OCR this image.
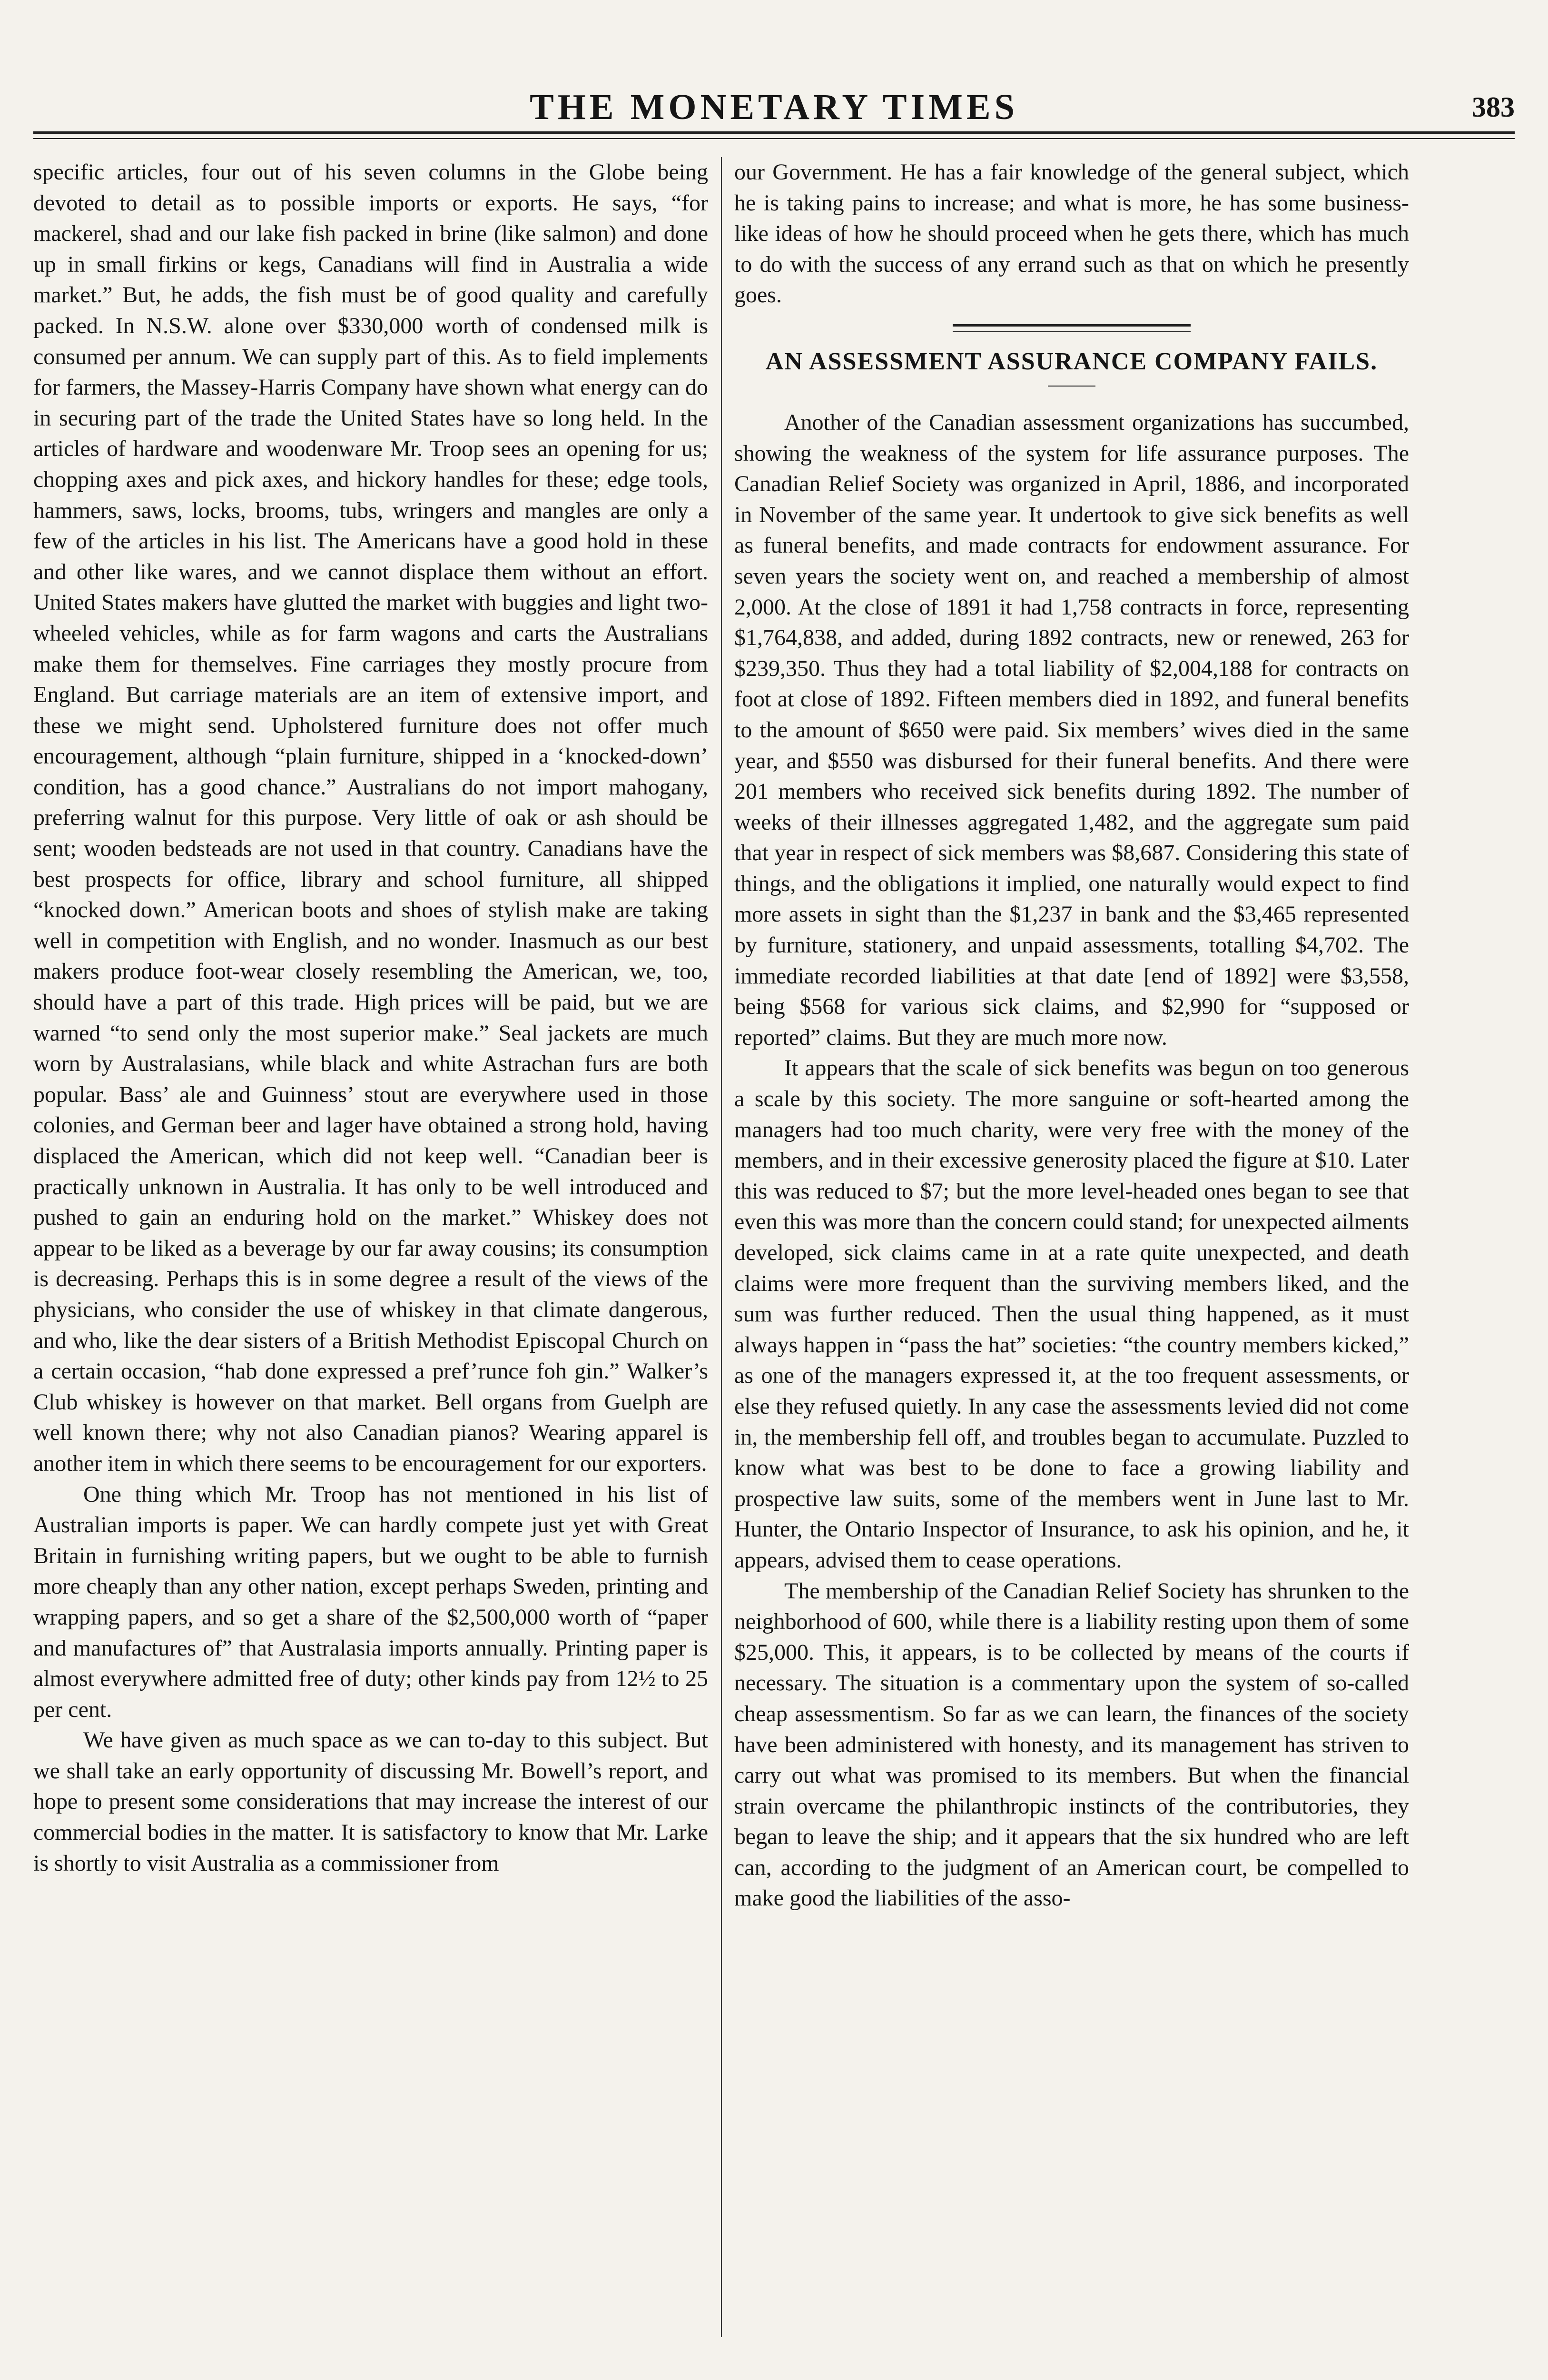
THE MONETARY TIMES	383

specific articles, four out of his seven columns in the Globe being devoted to detail as to possible imports or exports. He says, “for mackerel, shad and our lake fish packed in brine (like salmon) and done up in small firkins or kegs, Canadians will find in Australia a wide market.” But, he adds, the fish must be of good quality and carefully packed. In N.S.W. alone over $330,000 worth of condensed milk is consumed per annum. We can supply part of this. As to field implements for farmers, the Massey-Harris Company have shown what energy can do in securing part of the trade the United States have so long held. In the articles of hardware and woodenware Mr. Troop sees an opening for us; chopping axes and pick axes, and hickory handles for these; edge tools, hammers, saws, locks, brooms, tubs, wringers and mangles are only a few of the articles in his list. The Americans have a good hold in these and other like wares, and we cannot displace them without an effort. United States makers have glutted the market with buggies and light two-wheeled vehicles, while as for farm wagons and carts the Australians make them for themselves. Fine carriages they mostly procure from England. But carriage materials are an item of extensive import, and these we might send. Upholstered furniture does not offer much encouragement, although “plain furniture, shipped in a ‘knocked-down’ condition, has a good chance.” Australians do not import mahogany, preferring walnut for this purpose. Very little of oak or ash should be sent; wooden bedsteads are not used in that country. Canadians have the best prospects for office, library and school furniture, all shipped “knocked down.” American boots and shoes of stylish make are taking well in competition with English, and no wonder. Inasmuch as our best makers produce foot-wear closely resembling the American, we, too, should have a part of this trade. High prices will be paid, but we are warned “to send only the most superior make.” Seal jackets are much worn by Australasians, while black and white Astrachan furs are both popular. Bass’ ale and Guinness’ stout are everywhere used in those colonies, and German beer and lager have obtained a strong hold, having displaced the American, which did not keep well. “Canadian beer is practically unknown in Australia. It has only to be well introduced and pushed to gain an enduring hold on the market.” Whiskey does not appear to be liked as a beverage by our far away cousins; its consumption is decreasing. Perhaps this is in some degree a result of the views of the physicians, who consider the use of whiskey in that climate dangerous, and who, like the dear sisters of a British Methodist Episcopal Church on a certain occasion, “hab done expressed a pref’runce foh gin.” Walker’s Club whiskey is however on that market. Bell organs from Guelph are well known there; why not also Canadian pianos? Wearing apparel is another item in which there seems to be encouragement for our exporters.

One thing which Mr. Troop has not mentioned in his list of Australian imports is paper. We can hardly compete just yet with Great Britain in furnishing writing papers, but we ought to be able to furnish more cheaply than any other nation, except perhaps Sweden, printing and wrapping papers, and so get a share of the $2,500,000 worth of “paper and manufactures of” that Australasia imports annually. Printing paper is almost everywhere admitted free of duty; other kinds pay from 12½ to 25 per cent.

We have given as much space as we can to-day to this subject. But we shall take an early opportunity of discussing Mr. Bowell’s report, and hope to present some considerations that may increase the interest of our commercial bodies in the matter. It is satisfactory to know that Mr. Larke is shortly to visit Australia as a commissioner from

our Government. He has a fair knowledge of the general subject, which he is taking pains to increase; and what is more, he has some business-like ideas of how he should proceed when he gets there, which has much to do with the success of any errand such as that on which he presently goes.

AN ASSESSMENT ASSURANCE COMPANY FAILS.

Another of the Canadian assessment organizations has succumbed, showing the weakness of the system for life assurance purposes. The Canadian Relief Society was organized in April, 1886, and incorporated in November of the same year. It undertook to give sick benefits as well as funeral benefits, and made contracts for endowment assurance. For seven years the society went on, and reached a membership of almost 2,000. At the close of 1891 it had 1,758 contracts in force, representing $1,764,838, and added, during 1892 contracts, new or renewed, 263 for $239,350. Thus they had a total liability of $2,004,188 for contracts on foot at close of 1892. Fifteen members died in 1892, and funeral benefits to the amount of $650 were paid. Six members’ wives died in the same year, and $550 was disbursed for their funeral benefits. And there were 201 members who received sick benefits during 1892. The number of weeks of their illnesses aggregated 1,482, and the aggregate sum paid that year in respect of sick members was $8,687. Considering this state of things, and the obligations it implied, one naturally would expect to find more assets in sight than the $1,237 in bank and the $3,465 represented by furniture, stationery, and unpaid assessments, totalling $4,702. The immediate recorded liabilities at that date [end of 1892] were $3,558, being $568 for various sick claims, and $2,990 for “supposed or reported” claims. But they are much more now.

It appears that the scale of sick benefits was begun on too generous a scale by this society. The more sanguine or soft-hearted among the managers had too much charity, were very free with the money of the members, and in their excessive generosity placed the figure at $10. Later this was reduced to $7; but the more level-headed ones began to see that even this was more than the concern could stand; for unexpected ailments developed, sick claims came in at a rate quite unexpected, and death claims were more frequent than the surviving members liked, and the sum was further reduced. Then the usual thing happened, as it must always happen in “pass the hat” societies: “the country members kicked,” as one of the managers expressed it, at the too frequent assessments, or else they refused quietly. In any case the assessments levied did not come in, the membership fell off, and troubles began to accumulate. Puzzled to know what was best to be done to face a growing liability and prospective law suits, some of the members went in June last to Mr. Hunter, the Ontario Inspector of Insurance, to ask his opinion, and he, it appears, advised them to cease operations.

The membership of the Canadian Relief Society has shrunken to the neighborhood of 600, while there is a liability resting upon them of some $25,000. This, it appears, is to be collected by means of the courts if necessary. The situation is a commentary upon the system of so-called cheap assessmentism. So far as we can learn, the finances of the society have been administered with honesty, and its management has striven to carry out what was promised to its members. But when the financial strain overcame the philanthropic instincts of the contributories, they began to leave the ship; and it appears that the six hundred who are left can, according to the judgment of an American court, be compelled to make good the liabilities of the asso-
